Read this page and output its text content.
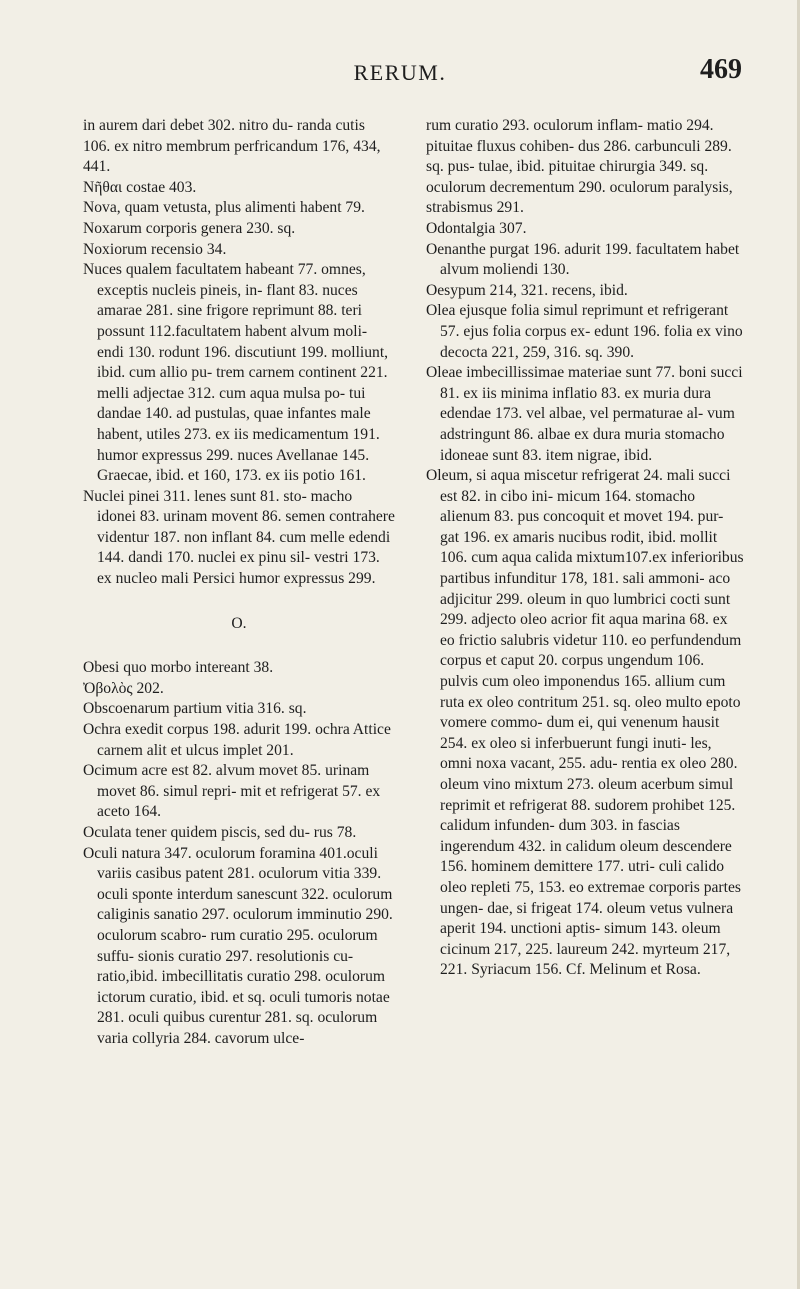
RERUM.	469

in aurem dari debet 302. nitro du- randa cutis 106. ex nitro membrum perfricandum 176, 434, 441.

Νῆθαι costae 403.

Nova, quam vetusta, plus alimenti habent 79.

Noxarum corporis genera 230. sq.

Noxiorum recensio 34.

Nuces qualem facultatem habeant 77. omnes, exceptis nucleis pineis, in- flant 83. nuces amarae 281. sine frigore reprimunt 88. teri possunt 112.facultatem habent alvum moli- endi 130. rodunt 196. discutiunt 199. molliunt, ibid. cum allio pu- trem carnem continent 221. melli adjectae 312. cum aqua mulsa po- tui dandae 140. ad pustulas, quae infantes male habent, utiles 273. ex iis medicamentum 191. humor expressus 299. nuces Avellanae 145. Graecae, ibid. et 160, 173. ex iis potio 161.

Nuclei pinei 311. lenes sunt 81. sto- macho idonei 83. urinam movent 86. semen contrahere videntur 187. non inflant 84. cum melle edendi 144. dandi 170. nuclei ex pinu sil- vestri 173. ex nucleo mali Persici humor expressus 299.

O.

Obesi quo morbo intereant 38.

Ὀβολὸς 202.

Obscoenarum partium vitia 316. sq.

Ochra exedit corpus 198. adurit 199. ochra Attice carnem alit et ulcus implet 201.

Ocimum acre est 82. alvum movet 85. urinam movet 86. simul repri- mit et refrigerat 57. ex aceto 164.

Oculata tener quidem piscis, sed du- rus 78.

Oculi natura 347. oculorum foramina 401.oculi variis casibus patent 281. oculorum vitia 339. oculi sponte interdum sanescunt 322. oculorum caliginis sanatio 297. oculorum imminutio 290. oculorum scabro- rum curatio 295. oculorum suffu- sionis curatio 297. resolutionis cu- ratio,ibid. imbecillitatis curatio 298. oculorum ictorum curatio, ibid. et sq. oculi tumoris notae 281. oculi quibus curentur 281. sq. oculorum varia collyria 284. cavorum ulce-

rum curatio 293. oculorum inflam- matio 294. pituitae fluxus cohiben- dus 286. carbunculi 289. sq. pus- tulae, ibid. pituitae chirurgia 349. sq. oculorum decrementum 290. oculorum paralysis, strabismus 291.

Odontalgia 307.

Oenanthe purgat 196. adurit 199. facultatem habet alvum moliendi 130.

Oesypum 214, 321. recens, ibid.

Olea ejusque folia simul reprimunt et refrigerant 57. ejus folia corpus ex- edunt 196. folia ex vino decocta 221, 259, 316. sq. 390.

Oleae imbecillissimae materiae sunt 77. boni succi 81. ex iis minima inflatio 83. ex muria dura edendae 173. vel albae, vel permaturae al- vum adstringunt 86. albae ex dura muria stomacho idoneae sunt 83. item nigrae, ibid.

Oleum, si aqua miscetur refrigerat 24. mali succi est 82. in cibo ini- micum 164. stomacho alienum 83. pus concoquit et movet 194. pur- gat 196. ex amaris nucibus rodit, ibid. mollit 106. cum aqua calida mixtum107.ex inferioribus partibus infunditur 178, 181. sali ammoni- aco adjicitur 299. oleum in quo lumbrici cocti sunt 299. adjecto oleo acrior fit aqua marina 68. ex eo frictio salubris videtur 110. eo perfundendum corpus et caput 20. corpus ungendum 106. pulvis cum oleo imponendus 165. allium cum ruta ex oleo contritum 251. sq. oleo multo epoto vomere commo- dum ei, qui venenum hausit 254. ex oleo si inferbuerunt fungi inuti- les, omni noxa vacant, 255. adu- rentia ex oleo 280. oleum vino mixtum 273. oleum acerbum simul reprimit et refrigerat 88. sudorem prohibet 125. calidum infunden- dum 303. in fascias ingerendum 432. in calidum oleum descendere 156. hominem demittere 177. utri- culi calido oleo repleti 75, 153. eo extremae corporis partes ungen- dae, si frigeat 174. oleum vetus vulnera aperit 194. unctioni aptis- simum 143. oleum cicinum 217, 225. laureum 242. myrteum 217, 221. Syriacum 156. Cf. Melinum et Rosa.
